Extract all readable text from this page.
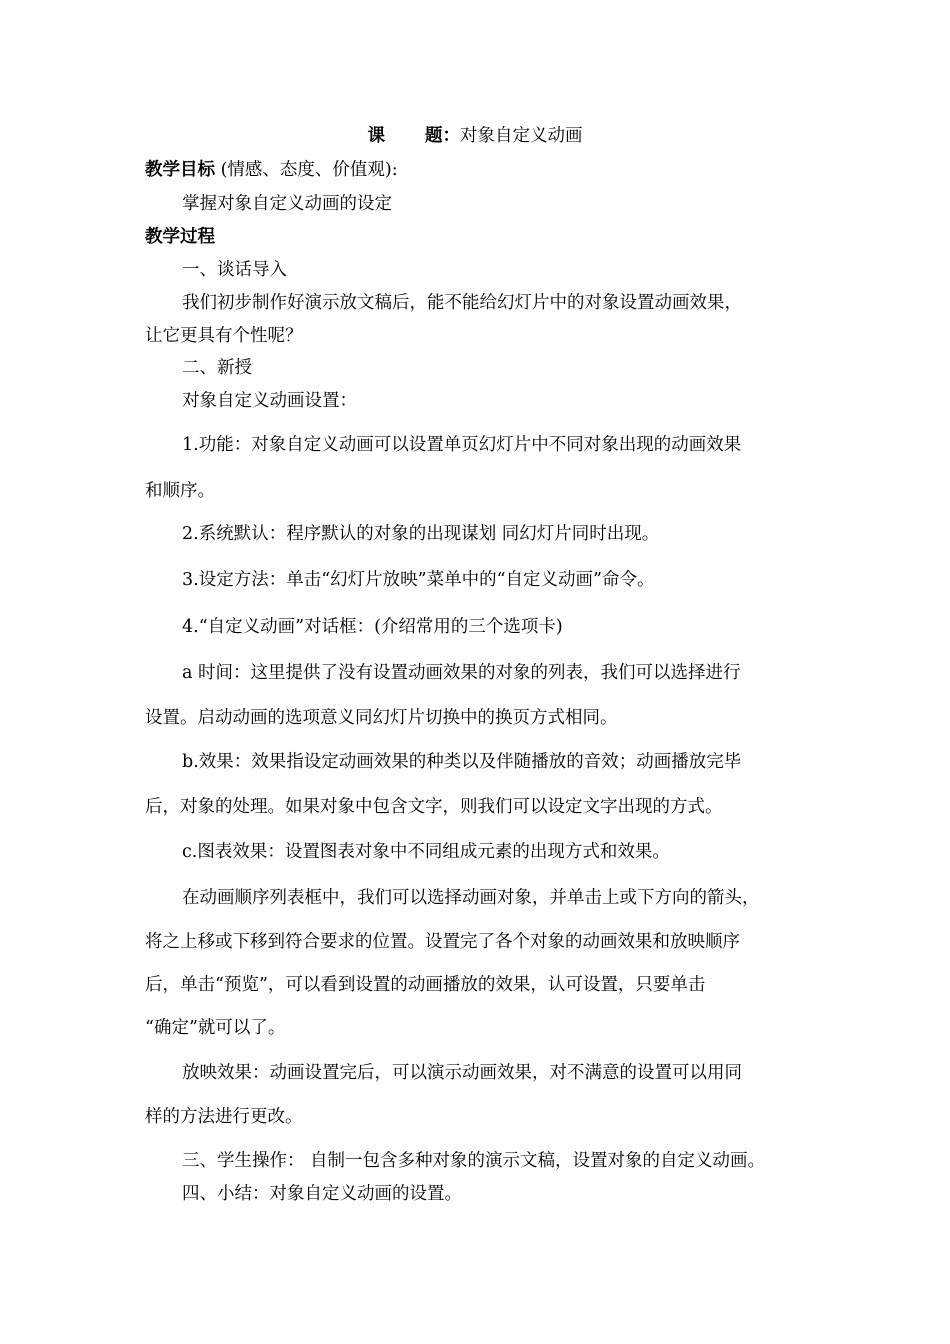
课 题：对象自定义动画
教学目标 (情感、态度、价值观):
掌握对象自定义动画的设定
教学过程
一、谈话导入
我们初步制作好演示放文稿后，能不能给幻灯片中的对象设置动画效果，
让它更具有个性呢？
二、新授
对象自定义动画设置：
1.功能：对象自定义动画可以设置单页幻灯片中不同对象出现的动画效果
和顺序。
2.系统默认：程序默认的对象的出现谋划 同幻灯片同时出现。
3.设定方法：单击“幻灯片放映”菜单中的“自定义动画”命令。
4.“自定义动画”对话框：(介绍常用的三个选项卡)
a 时间：这里提供了没有设置动画效果的对象的列表，我们可以选择进行
设置。启动动画的选项意义同幻灯片切换中的换页方式相同。
b.效果：效果指设定动画效果的种类以及伴随播放的音效；动画播放完毕
后，对象的处理。如果对象中包含文字，则我们可以设定文字出现的方式。
c.图表效果：设置图表对象中不同组成元素的出现方式和效果。
在动画顺序列表框中，我们可以选择动画对象，并单击上或下方向的箭头，
将之上移或下移到符合要求的位置。设置完了各个对象的动画效果和放映顺序
后，单击“预览”，可以看到设置的动画播放的效果，认可设置，只要单击
“确定”就可以了。
放映效果：动画设置完后，可以演示动画效果，对不满意的设置可以用同
样的方法进行更改。
三、学生操作： 自制一包含多种对象的演示文稿，设置对象的自定义动画。
四、小结：对象自定义动画的设置。
